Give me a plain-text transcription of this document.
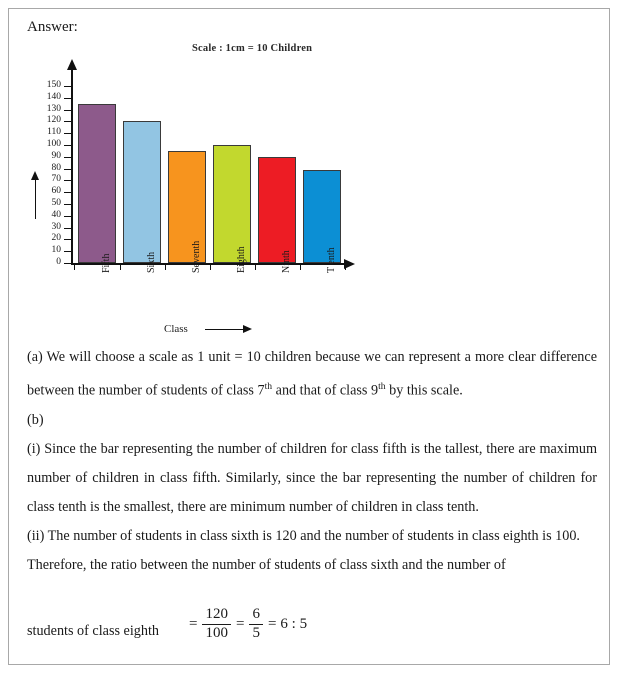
Answer:
Scale : 1cm = 10 Children
0
10
20
30
40
50
60
70
80
90
100
110
120
130
140
150
Fifth	Sixth	Seventh	Eighth	Ninth	T enth
Class

(a) We will choose a scale as 1 unit = 10 children because we can represent a more clear difference between the number of students of class 7th and that of class 9th by this scale.

(b)

(i) Since the bar representing the number of children for class fifth is the tallest, there are maximum number of children in class fifth. Similarly, since the bar representing the number of children for class tenth is the smallest, there are minimum number of children in class tenth.

(ii) The number of students in class sixth is 120 and the number of students in class eighth is 100.

Therefore, the ratio between the number of students of class sixth and the number of

students of class eighth = $\frac{120}{100} = \frac{6}{5} = 6$ : 5
